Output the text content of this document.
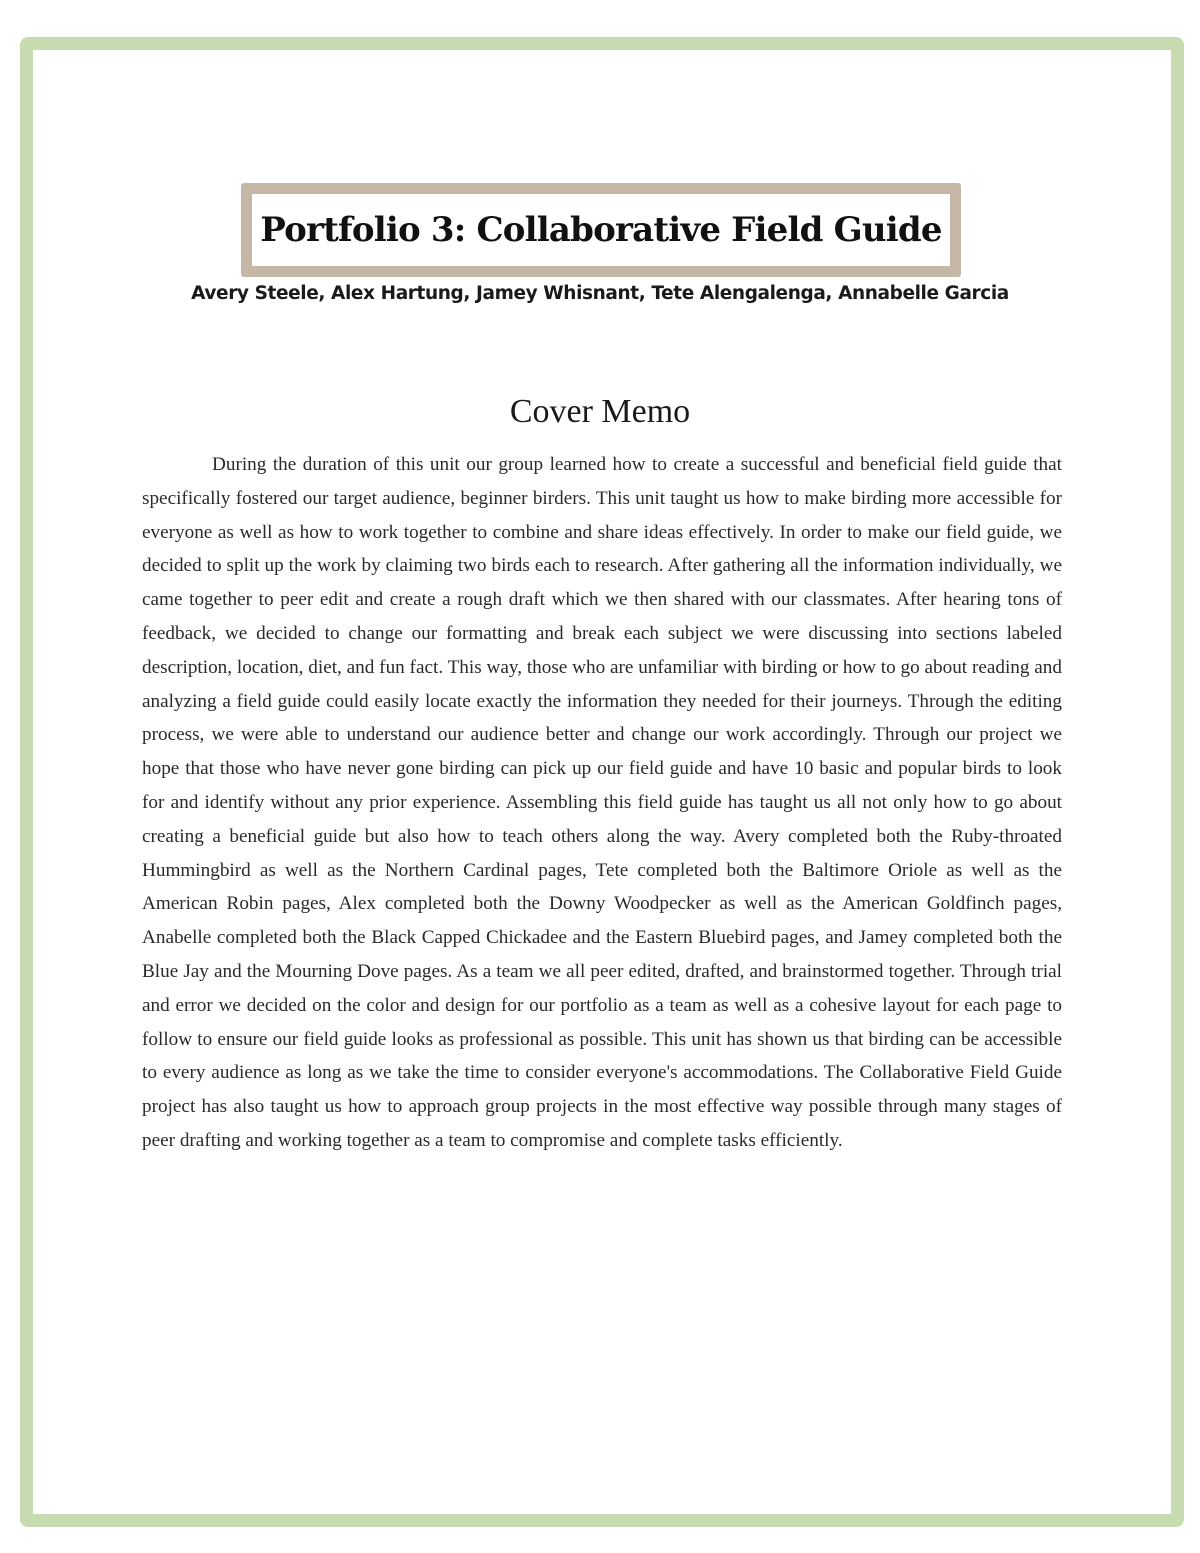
Portfolio 3: Collaborative Field Guide
Avery Steele, Alex Hartung, Jamey Whisnant, Tete Alengalenga, Annabelle Garcia
Cover Memo

During the duration of this unit our group learned how to create a successful and beneficial field guide that specifically fostered our target audience, beginner birders. This unit taught us how to make birding more accessible for everyone as well as how to work together to combine and share ideas effectively. In order to make our field guide, we decided to split up the work by claiming two birds each to research. After gathering all the information individually, we came together to peer edit and create a rough draft which we then shared with our classmates. After hearing tons of feedback, we decided to change our formatting and break each subject we were discussing into sections labeled description, location, diet, and fun fact. This way, those who are unfamiliar with birding or how to go about reading and analyzing a field guide could easily locate exactly the information they needed for their journeys. Through the editing process, we were able to understand our audience better and change our work accordingly. Through our project we hope that those who have never gone birding can pick up our field guide and have 10 basic and popular birds to look for and identify without any prior experience. Assembling this field guide has taught us all not only how to go about creating a beneficial guide but also how to teach others along the way. Avery completed both the Ruby-throated Hummingbird as well as the Northern Cardinal pages, Tete completed both the Baltimore Oriole as well as the American Robin pages, Alex completed both the Downy Woodpecker as well as the American Goldfinch pages, Anabelle completed both the Black Capped Chickadee and the Eastern Bluebird pages, and Jamey completed both the Blue Jay and the Mourning Dove pages. As a team we all peer edited, drafted, and brainstormed together. Through trial and error we decided on the color and design for our portfolio as a team as well as a cohesive layout for each page to follow to ensure our field guide looks as professional as possible. This unit has shown us that birding can be accessible to every audience as long as we take the time to consider everyone's accommodations. The Collaborative Field Guide project has also taught us how to approach group projects in the most effective way possible through many stages of peer drafting and working together as a team to compromise and complete tasks efficiently.
